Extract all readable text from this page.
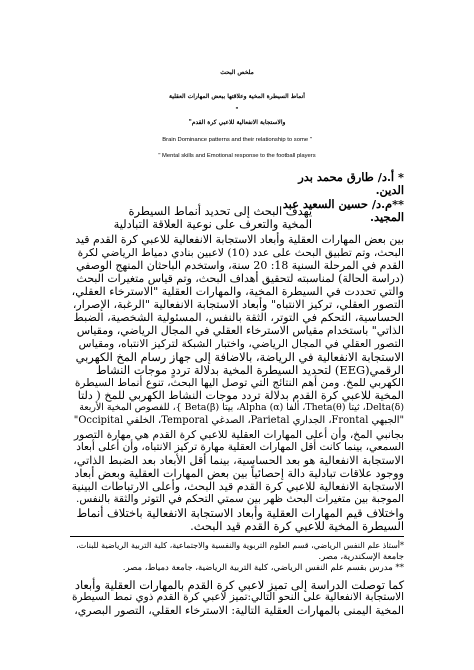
ملخص البحث
أنماط السيطرة المخية وعلاقتها ببعض المهارات العقلية
"
والاستجابة الانفعالية للاعبي كرة القدم"
Brain Dominance patterns and their relationship to some "
" Mental skills and Emotional response to the football players
* أ.د/ طارق محمد بدر
الدين.
**م.د/ حسين السعيد عبد
المجيد.
يهدف البحث إلى تحديد أنماط السيطرة
المخية والتعرف على نوعية العلاقة التبادلية
بين بعض المهارات العقلية وأبعاد الاستجابة الانفعالية للاعبي كرة القدم قيد
البحث، وتم تطبيق البحث على عدد (10) لاعبين بنادي دمياط الرياضي لكرة
القدم في المرحلة السنية 18: 20 سنة، واستخدم الباحثان المنهج الوصفي
(دراسة الحالة) لمناسبته لتحقيق أهداف البحث، وتم قياس متغيرات البحث
والتي تحددت في السيطرة المخية، والمهارات العقلية "الاسترخاء العقلي،
التصور العقلي، تركيز الانتباه" وأبعاد الاستجابة الانفعالية "الرغبة، الإصرار،
الحساسية، التحكم في التوتر، الثقة بالنفس، المسئولية الشخصية، الضبط
الذاتي" باستخدام مقياس الاسترخاء العقلي في المجال الرياضي، ومقياس
التصور العقلي في المجال الرياضي، واختبار الشبكة لتركيز الانتباه، ومقياس
الاستجابة الانفعالية في الرياضة، بالاضافة إلى جهاز رسام المخ الكهربي
الرقمي(EEG) لتحديد السيطرة المخية بدلالة ترددٍ موجات النشاط
الكهربي للمخ. ومن أهم النتائج التي توصل اليها البحث، تنوع أنماط السيطرة
المخية للاعبي كرة القدم بدلالة تردد موجات النشاط الكهربي للمخ ( دلتا
Delta(δ)، ثيتا Theta(θ)، ألفا Alpha (α)، بيتا Beta(β) }، للفصوص المخية الأربعة
"الجبهي Frontal، الجداري Parietal، الصدغي Temporal، الخلفي Occipital"
بجانبي المخ، وأن أعلى المهارات العقلية للاعبي كرة القدم هي مهارة التصور
السمعي، بينما كانت أقل المهارات العقلية مهارة تركيز الانتباه، وأن أعلى أبعاد
الاستجابة الانفعالية هو بعد الحساسية، بينما أقل الأبعاد بعد الضبط الذاتي،
ووجود علاقات تبادلية دالة إحصائياً بين بعض المهارات العقلية وبعض أبعاد
الاستجابة الانفعالية للاعبي كرة القدم قيد البحث، وأعلى الارتباطات البينية
الموجبة بين متغيرات البحث ظهر بين سمتي التحكم في التوتر والثقة بالنفس.
واختلاف قيم المهارات العقلية وأبعاد الاستجابة الانفعالية باختلاف أنماط
السيطرة المخية للاعبي كرة القدم قيد البحث.
*أستاذ علم النفس الرياضي، قسم العلوم التربوية والنفسية والاجتماعية، كلية التربية الرياضية للبنات،
جامعة الإسكندرية، مصر.
** مدرس بقسم علم النفس الرياضي، كلية التربية الرياضية، جامعة دمياط، مصر.
كما توصلت الدراسة إلى تميز لاعبي كرة القدم بالمهارات العقلية وأبعاد
الاستجابة الانفعالية على النحو التالي:تميز لاعبي كرة القدم ذوي نمط السيطرة
المخية اليمنى بالمهارات العقلية التالية: الاسترخاء العقلي، التصور البصري،
